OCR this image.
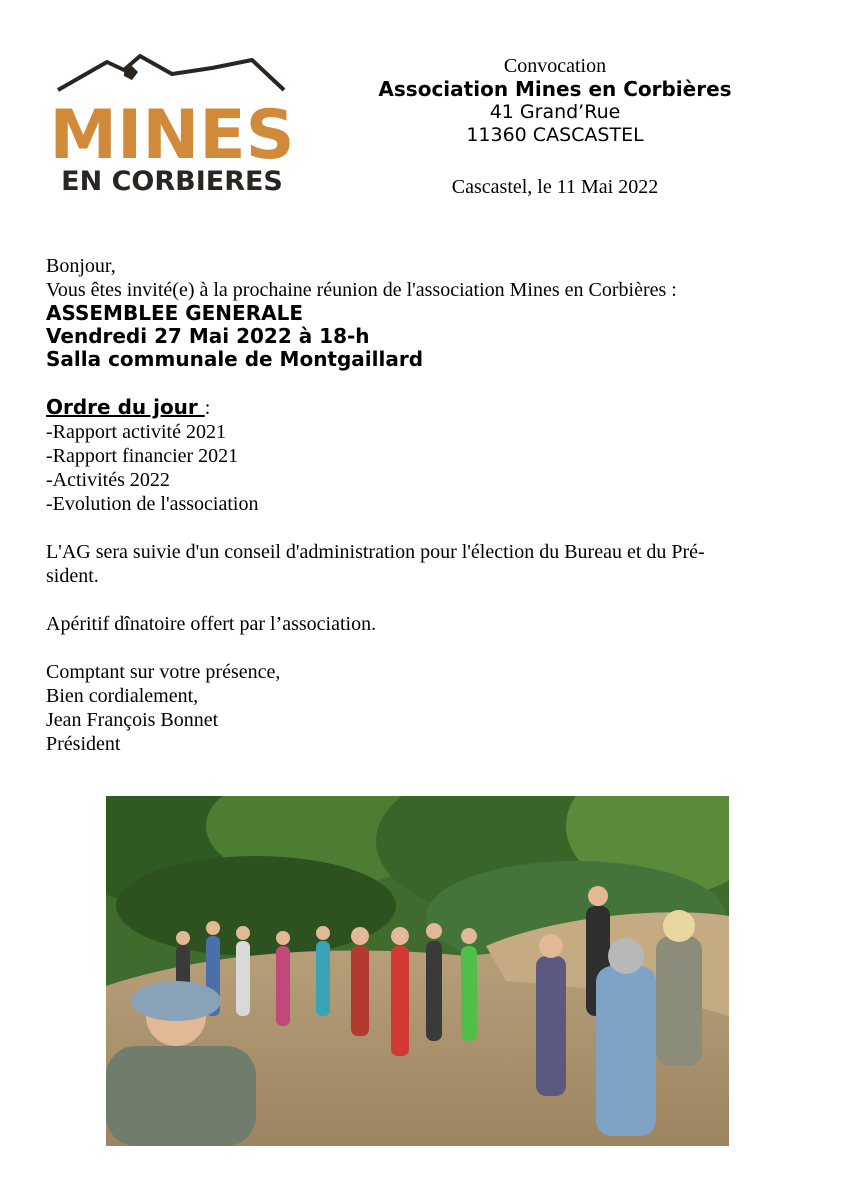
MINES
EN CORBIERES
Convocation
Association Mines en Corbières
41 Grand’Rue
11360 CASCASTEL
Cascastel, le 11 Mai 2022
Bonjour,
Vous êtes invité(e) à la prochaine réunion de l'association Mines en Corbières :
ASSEMBLEE GENERALE
Vendredi 27 Mai 2022 à 18-h
Salla communale de Montgaillard
Ordre du jour :
-Rapport activité 2021
-Rapport financier 2021
-Activités 2022
-Evolution de l'association
L'AG sera suivie d'un conseil d'administration pour l'élection du Bureau et du Pré-
sident.
Apéritif dînatoire offert par l’association.
Comptant sur votre présence,
Bien cordialement,
Jean François Bonnet
Président
